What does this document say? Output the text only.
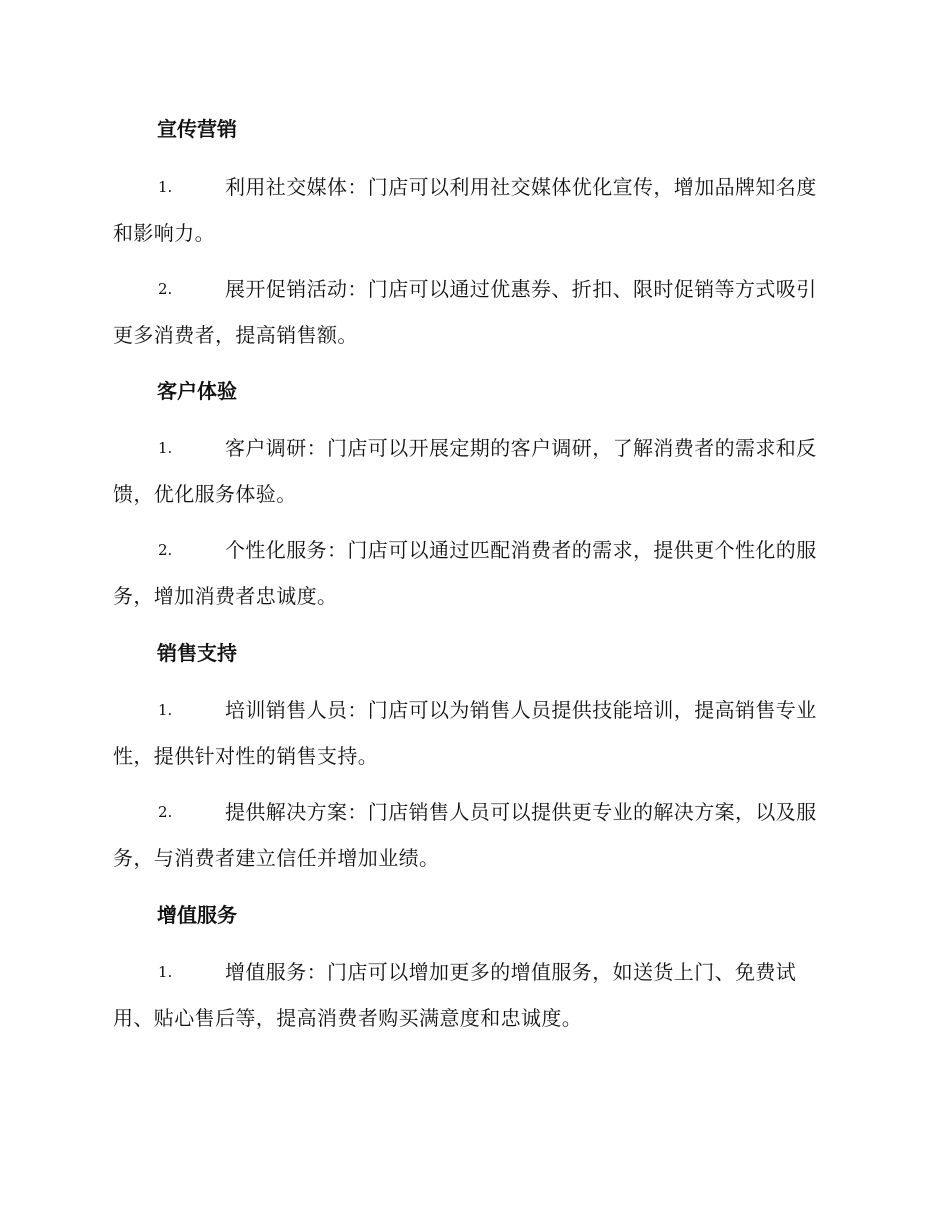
宣传营销
1.	利用社交媒体：门店可以利用社交媒体优化宣传，增加品牌知名度和影响力。
2.	展开促销活动：门店可以通过优惠券、折扣、限时促销等方式吸引更多消费者，提高销售额。
客户体验
1.	客户调研：门店可以开展定期的客户调研，了解消费者的需求和反馈，优化服务体验。
2.	个性化服务：门店可以通过匹配消费者的需求，提供更个性化的服务，增加消费者忠诚度。
销售支持
1.	培训销售人员：门店可以为销售人员提供技能培训，提高销售专业性，提供针对性的销售支持。
2.	提供解决方案：门店销售人员可以提供更专业的解决方案，以及服务，与消费者建立信任并增加业绩。
增值服务
1.	增值服务：门店可以增加更多的增值服务，如送货上门、免费试用、贴心售后等，提高消费者购买满意度和忠诚度。
